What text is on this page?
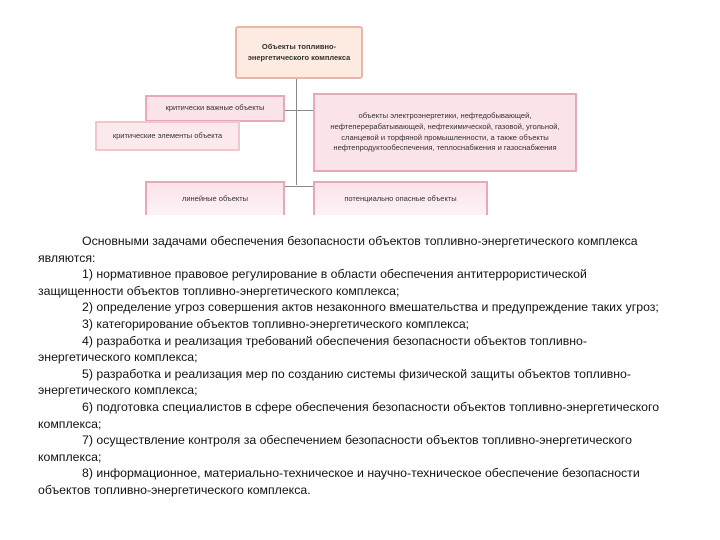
Объекты топливно-энергетического комплекса
критически важные объекты
критические элементы объекта
объекты электроэнергетики, нефтедобывающей, нефтеперерабатывающей, нефтехимической, газовой, угольной, сланцевой и торфяной промышленности, а также объекты нефтепродуктообеспечения, теплоснабжения и газоснабжения
линейные объекты	потенциально опасные объекты

Основными задачами обеспечения безопасности объектов топливно-энергетического комплекса являются:

1) нормативное правовое регулирование в области обеспечения антитеррористической защищенности объектов топливно-энергетического комплекса;

2) определение угроз совершения актов незаконного вмешательства и предупреждение таких угроз;

3) категорирование объектов топливно-энергетического комплекса;

4) разработка и реализация требований обеспечения безопасности объектов топливно-энергетического комплекса;

5) разработка и реализация мер по созданию системы физической защиты объектов топливно-энергетического комплекса;

6) подготовка специалистов в сфере обеспечения безопасности объектов топливно-энергетического комплекса;

7) осуществление контроля за обеспечением безопасности объектов топливно-энергетического комплекса;

8) информационное, материально-техническое и научно-техническое обеспечение безопасности объектов топливно-энергетического комплекса.
